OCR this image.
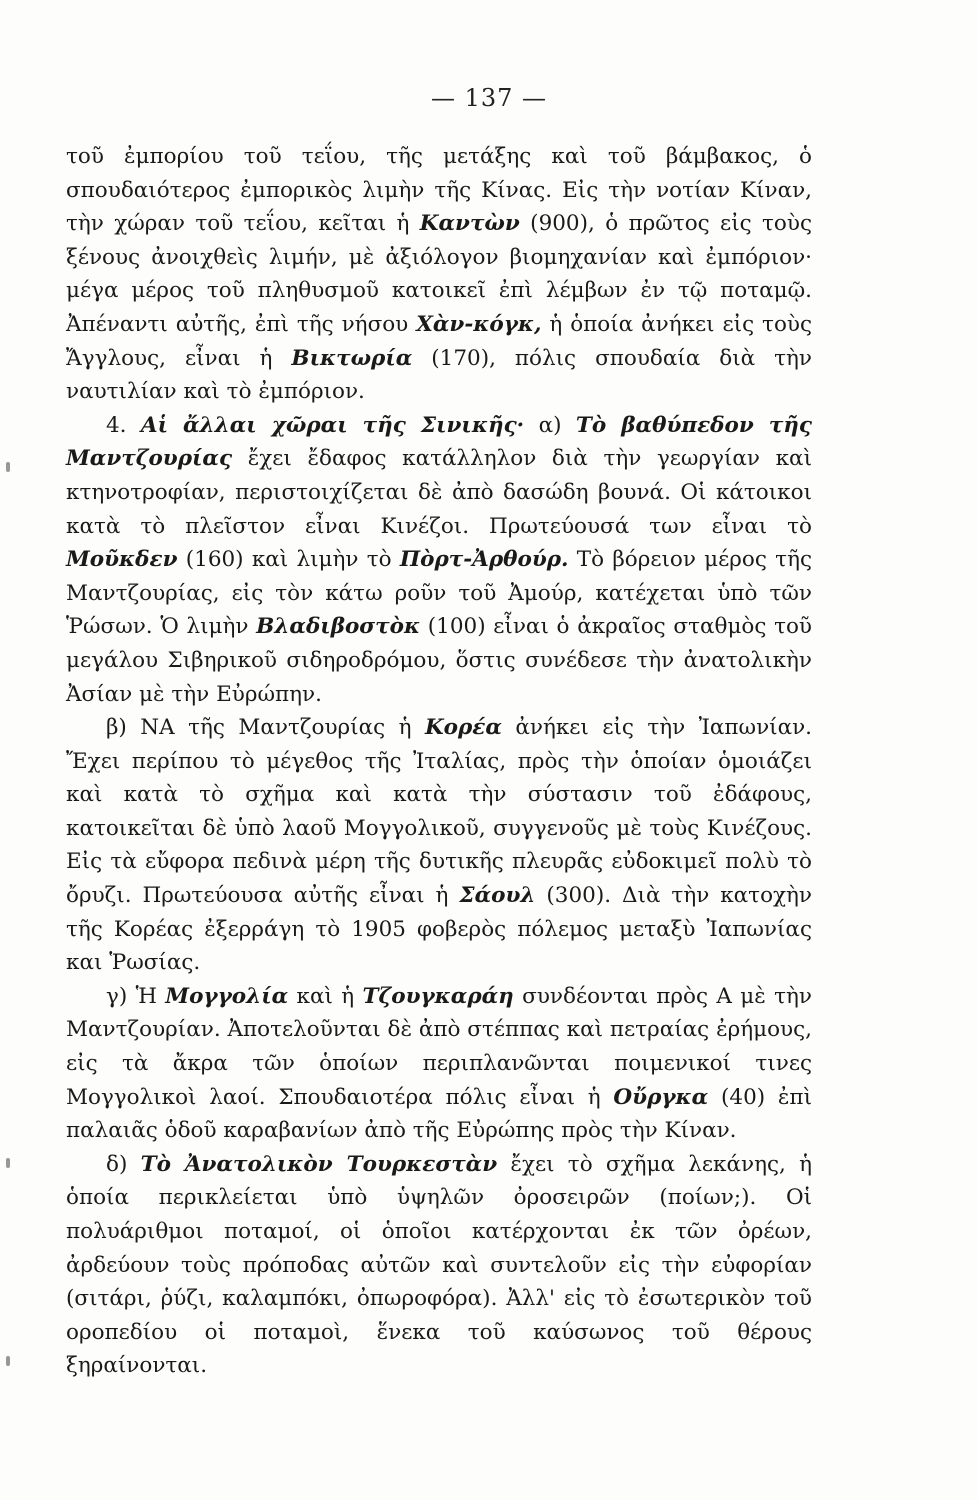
— 137 —

τοῦ ἐμπορίου τοῦ τεΐου, τῆς μετάξης καὶ τοῦ βάμβακος, ὁ σπουδαιότερος ἐμπορικὸς λιμὴν τῆς Κίνας. Εἰς τὴν νοτίαν Κίναν, τὴν χώραν τοῦ τεΐου, κεῖται ἡ Καντὼν (900), ὁ πρῶτος εἰς τοὺς ξένους ἀνοιχθεὶς λιμήν, μὲ ἀξιόλογον βιομηχανίαν καὶ ἐμπόριον· μέγα μέρος τοῦ πληθυσμοῦ κατοικεῖ ἐπὶ λέμβων ἐν τῷ ποταμῷ. Ἀπέναντι αὐτῆς, ἐπὶ τῆς νήσου Χὰν-κόγκ, ἡ ὁποία ἀνήκει εἰς τοὺς Ἄγγλους, εἶναι ἡ Βικτωρία (170), πόλις σπουδαία διὰ τὴν ναυτιλίαν καὶ τὸ ἐμπόριον.

4. Αἱ ἄλλαι χῶραι τῆς Σινικῆς· α) Τὸ βαθύπεδον τῆς Μαντζουρίας ἔχει ἔδαφος κατάλληλον διὰ τὴν γεωργίαν καὶ κτηνοτροφίαν, περιστοιχίζεται δὲ ἀπὸ δασώδη βουνά. Οἱ κάτοικοι κατὰ τὸ πλεῖστον εἶναι Κινέζοι. Πρωτεύουσά των εἶναι τὸ Μοῦκδεν (160) καὶ λιμὴν τὸ Πὸρτ-Ἀρθούρ. Τὸ βόρειον μέρος τῆς Μαντζουρίας, εἰς τὸν κάτω ροῦν τοῦ Ἀμούρ, κατέχεται ὑπὸ τῶν Ῥώσων. Ὁ λιμὴν Βλαδιβοστὸκ (100) εἶναι ὁ ἀκραῖος σταθμὸς τοῦ μεγάλου Σιβηρικοῦ σιδηροδρόμου, ὅστις συνέδεσε τὴν ἀνατολικὴν Ἀσίαν μὲ τὴν Εὐρώπην.

β) ΝΑ τῆς Μαντζουρίας ἡ Κορέα ἀνήκει εἰς τὴν Ἰαπωνίαν. Ἔχει περίπου τὸ μέγεθος τῆς Ἰταλίας, πρὸς τὴν ὁποίαν ὁμοιάζει καὶ κατὰ τὸ σχῆμα καὶ κατὰ τὴν σύστασιν τοῦ ἐδάφους, κατοικεῖται δὲ ὑπὸ λαοῦ Μογγολικοῦ, συγγενοῦς μὲ τοὺς Κινέζους. Εἰς τὰ εὔφορα πεδινὰ μέρη τῆς δυτικῆς πλευρᾶς εὐδοκιμεῖ πολὺ τὸ ὄρυζι. Πρωτεύουσα αὐτῆς εἶναι ἡ Σάουλ (300). Διὰ τὴν κατοχὴν τῆς Κορέας ἐξερράγη τὸ 1905 φοβερὸς πόλεμος μεταξὺ Ἰαπωνίας και Ῥωσίας.

γ) Ἡ Μογγολία καὶ ἡ Τζουγκαράη συνδέονται πρὸς Α μὲ τὴν Μαντζουρίαν. Ἀποτελοῦνται δὲ ἀπὸ στέππας καὶ πετραίας ἐρήμους, εἰς τὰ ἄκρα τῶν ὁποίων περιπλανῶνται ποιμενικοί τινες Μογγολικοὶ λαοί. Σπουδαιοτέρα πόλις εἶναι ἡ Οὔργκα (40) ἐπὶ παλαιᾶς ὁδοῦ καραβανίων ἀπὸ τῆς Εὐρώπης πρὸς τὴν Κίναν.

δ) Τὸ Ἀνατολικὸν Τουρκεστὰν ἔχει τὸ σχῆμα λεκάνης, ἡ ὁποία περικλείεται ὑπὸ ὑψηλῶν ὀροσειρῶν (ποίων;). Οἱ πολυάριθμοι ποταμοί, οἱ ὁποῖοι κατέρχονται ἐκ τῶν ὀρέων, ἀρδεύουν τοὺς πρόποδας αὐτῶν καὶ συντελοῦν εἰς τὴν εὐφορίαν (σιτάρι, ῥύζι, καλαμπόκι, ὀπωροφόρα). Ἀλλ' εἰς τὸ ἐσωτερικὸν τοῦ οροπεδίου οἱ ποταμοὶ, ἕνεκα τοῦ καύσωνος τοῦ θέρους ξηραίνονται.
